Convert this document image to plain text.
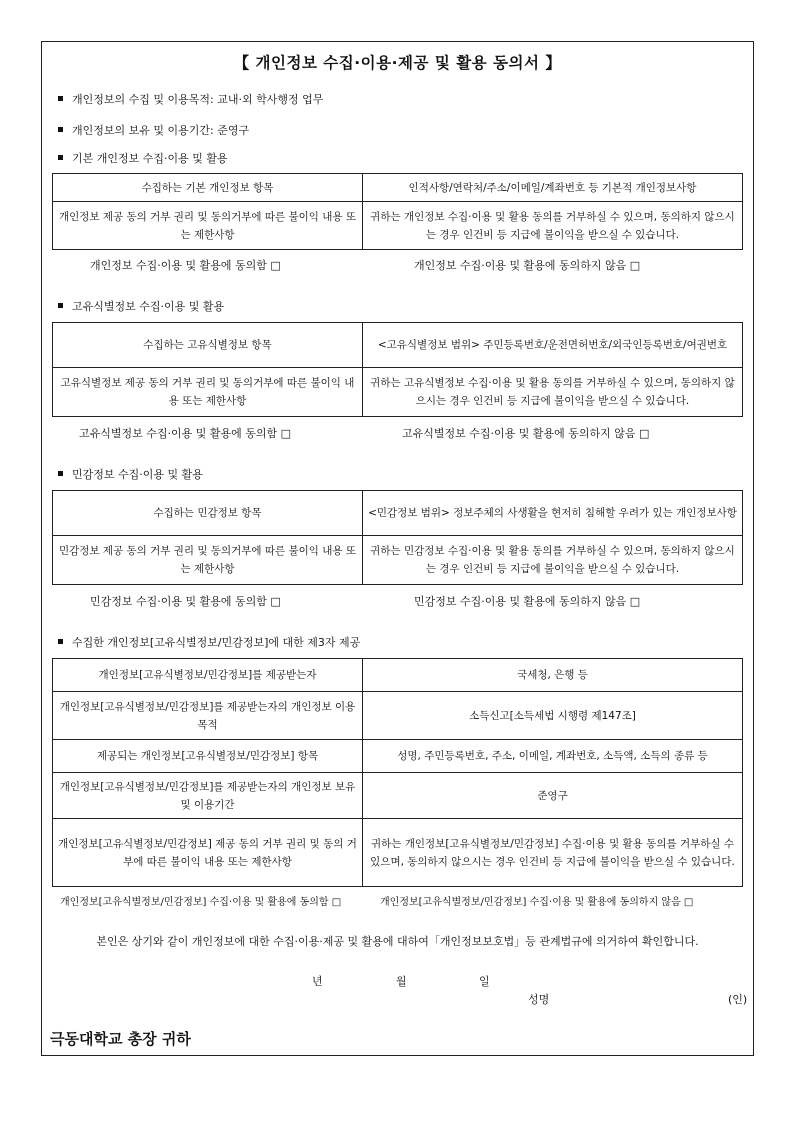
【 개인정보 수집·이용·제공 및 활용 동의서 】
개인정보의 수집 및 이용목적: 교내·외 학사행정 업무
개인정보의 보유 및 이용기간: 준영구
기본 개인정보 수집·이용 및 활용
수집하는 기본 개인정보 항목	인적사항/연락처/주소/이메일/계좌번호 등 기본적 개인정보사항
개인정보 제공 동의 거부 권리 및 동의거부에 따른 불이익 내용 또는 제한사항	귀하는 개인정보 수집·이용 및 활용 동의를 거부하실 수 있으며, 동의하지 않으시는 경우 인건비 등 지급에 불이익을 받으실 수 있습니다.
개인정보 수집·이용 및 활용에 동의함 □	개인정보 수집·이용 및 활용에 동의하지 않음 □
고유식별정보 수집·이용 및 활용
수집하는 고유식별정보 항목	<고유식별정보 범위> 주민등록번호/운전면허번호/외국인등록번호/여권번호
고유식별정보 제공 동의 거부 권리 및 동의거부에 따른 불이익 내용 또는 제한사항	귀하는 고유식별정보 수집·이용 및 활용 동의를 거부하실 수 있으며, 동의하지 않으시는 경우 인건비 등 지급에 불이익을 받으실 수 있습니다.
고유식별정보 수집·이용 및 활용에 동의함 □	고유식별정보 수집·이용 및 활용에 동의하지 않음 □
민감정보 수집·이용 및 활용
수집하는 민감정보 항목	<민감정보 범위> 정보주체의 사생활을 현저히 침해할 우려가 있는 개인정보사항
민감정보 제공 동의 거부 권리 및 동의거부에 따른 불이익 내용 또는 제한사항	귀하는 민감정보 수집·이용 및 활용 동의를 거부하실 수 있으며, 동의하지 않으시는 경우 인건비 등 지급에 불이익을 받으실 수 있습니다.
민감정보 수집·이용 및 활용에 동의함 □	민감정보 수집·이용 및 활용에 동의하지 않음 □
수집한 개인정보[고유식별정보/민감정보]에 대한 제3자 제공
개인정보[고유식별정보/민감정보]를 제공받는자	국세청, 은행 등
개인정보[고유식별정보/민감정보]를 제공받는자의 개인정보 이용목적	소득신고[소득세법 시행령 제147조]
제공되는 개인정보[고유식별정보/민감정보] 항목	성명, 주민등록번호, 주소, 이메일, 계좌번호, 소득액, 소득의 종류 등
개인정보[고유식별정보/민감정보]를 제공받는자의 개인정보 보유 및 이용기간	준영구
개인정보[고유식별정보/민감정보] 제공 동의 거부 권리 및 동의 거부에 따른 불이익 내용 또는 제한사항	귀하는 개인정보[고유식별정보/민감정보] 수집·이용 및 활용 동의를 거부하실 수 있으며, 동의하지 않으시는 경우 인건비 등 지급에 불이익을 받으실 수 있습니다.
개인정보[고유식별정보/민감정보] 수집·이용 및 활용에 동의함 □	개인정보[고유식별정보/민감정보] 수집·이용 및 활용에 동의하지 않음 □
본인은 상기와 같이 개인정보에 대한 수집·이용·제공 및 활용에 대하여「개인정보보호법」등 관계법규에 의거하여 확인합니다.
년	월	일
성명	(인)
극동대학교 총장 귀하
